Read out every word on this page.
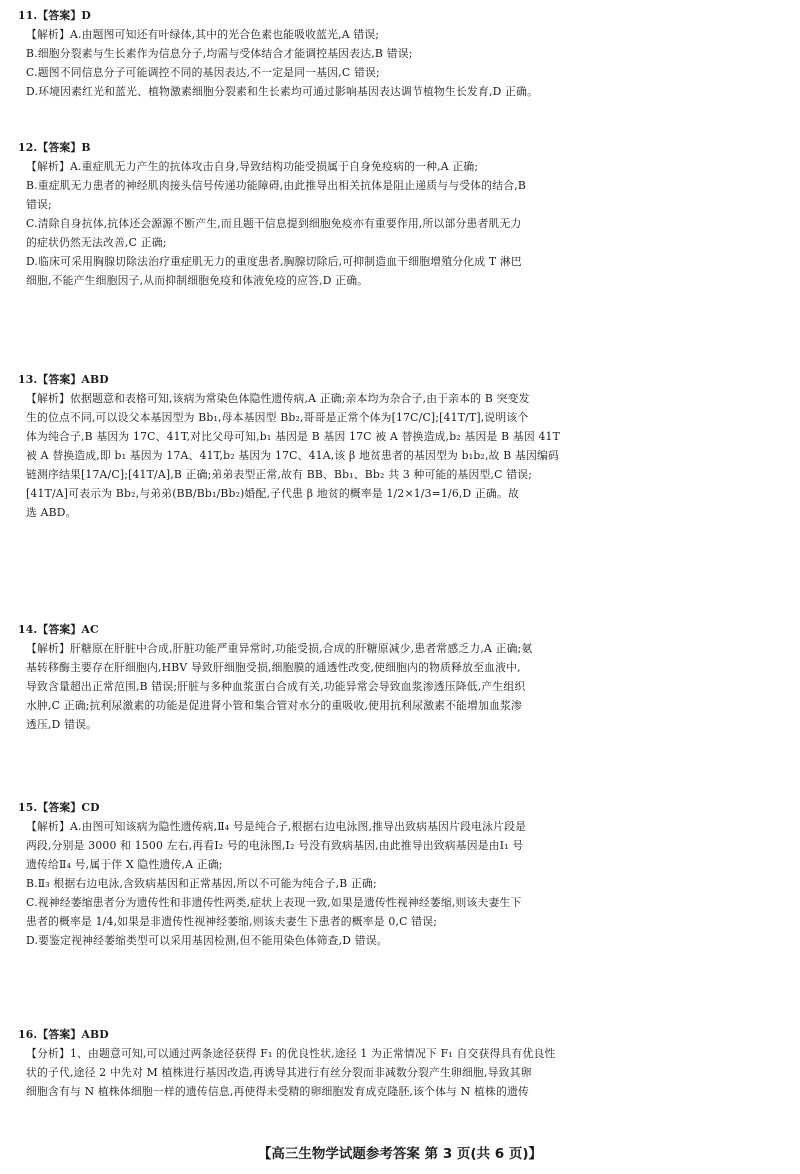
11.【答案】D
【解析】A.由题图可知还有叶绿体,其中的光合色素也能吸收蓝光,A 错误;
B.细胞分裂素与生长素作为信息分子,均需与受体结合才能调控基因表达,B 错误;
C.题图不同信息分子可能调控不同的基因表达,不一定是同一基因,C 错误;
D.环境因素红光和蓝光、植物激素细胞分裂素和生长素均可通过影响基因表达调节植物生长发育,D 正确。
12.【答案】B
【解析】A.重症肌无力产生的抗体攻击自身,导致结构功能受损属于自身免疫病的一种,A 正确;
B.重症肌无力患者的神经肌肉接头信号传递功能障碍,由此推导出相关抗体是阻止递质与与受体的结合,B
错误;
C.清除自身抗体,抗体还会源源不断产生,而且题干信息提到细胞免疫亦有重要作用,所以部分患者肌无力
的症状仍然无法改善,C 正确;
D.临床可采用胸腺切除法治疗重症肌无力的重度患者,胸腺切除后,可抑制造血干细胞增殖分化成 T 淋巴
细胞,不能产生细胞因子,从而抑制细胞免疫和体液免疫的应答,D 正确。
13.【答案】ABD
【解析】依据题意和表格可知,该病为常染色体隐性遗传病,A 正确;亲本均为杂合子,由于亲本的 B 突变发
生的位点不同,可以设父本基因型为 Bb₁,母本基因型 Bb₂,哥哥是正常个体为[17C/C];[41T/T],说明该个
体为纯合子,B 基因为 17C、41T,对比父母可知,b₁ 基因是 B 基因 17C 被 A 替换造成,b₂ 基因是 B 基因 41T
被 A 替换造成,即 b₁ 基因为 17A、41T,b₂ 基因为 17C、41A,该 β 地贫患者的基因型为 b₁b₂,故 B 基因编码
链测序结果[17A/C];[41T/A],B 正确;弟弟表型正常,故有 BB、Bb₁、Bb₂ 共 3 种可能的基因型,C 错误;
[41T/A]可表示为 Bb₂,与弟弟(BB/Bb₁/Bb₂)婚配,子代患 β 地贫的概率是 1/2×1/3=1/6,D 正确。故
选 ABD。
14.【答案】AC
【解析】肝糖原在肝脏中合成,肝脏功能严重异常时,功能受损,合成的肝糖原减少,患者常感乏力,A 正确;氨
基转移酶主要存在肝细胞内,HBV 导致肝细胞受损,细胞膜的通透性改变,使细胞内的物质释放至血液中,
导致含量超出正常范围,B 错误;肝脏与多种血浆蛋白合成有关,功能异常会导致血浆渗透压降低,产生组织
水肿,C 正确;抗利尿激素的功能是促进肾小管和集合管对水分的重吸收,使用抗利尿激素不能增加血浆渗
透压,D 错误。
15.【答案】CD
【解析】A.由图可知该病为隐性遗传病,Ⅱ₄ 号是纯合子,根据右边电泳图,推导出致病基因片段电泳片段是
两段,分别是 3000 和 1500 左右,再看Ⅰ₂ 号的电泳图,Ⅰ₂ 号没有致病基因,由此推导出致病基因是由Ⅰ₁ 号
遗传给Ⅱ₄ 号,属于伴 X 隐性遗传,A 正确;
B.Ⅱ₃ 根据右边电泳,含致病基因和正常基因,所以不可能为纯合子,B 正确;
C.视神经萎缩患者分为遗传性和非遗传性两类,症状上表现一致,如果是遗传性视神经萎缩,则该夫妻生下
患者的概率是 1/4,如果是非遗传性视神经萎缩,则该夫妻生下患者的概率是 0,C 错误;
D.要鉴定视神经萎缩类型可以采用基因检测,但不能用染色体筛查,D 错误。
16.【答案】ABD
【分析】1、由题意可知,可以通过两条途径获得 F₁ 的优良性状,途径 1 为正常情况下 F₁ 自交获得具有优良性
状的子代,途径 2 中先对 M 植株进行基因改造,再诱导其进行有丝分裂而非减数分裂产生卵细胞,导致其卵
细胞含有与 N 植株体细胞一样的遗传信息,再使得未受精的卵细胞发育成克隆胚,该个体与 N 植株的遗传
【高三生物学试题参考答案 第 3 页(共 6 页)】
